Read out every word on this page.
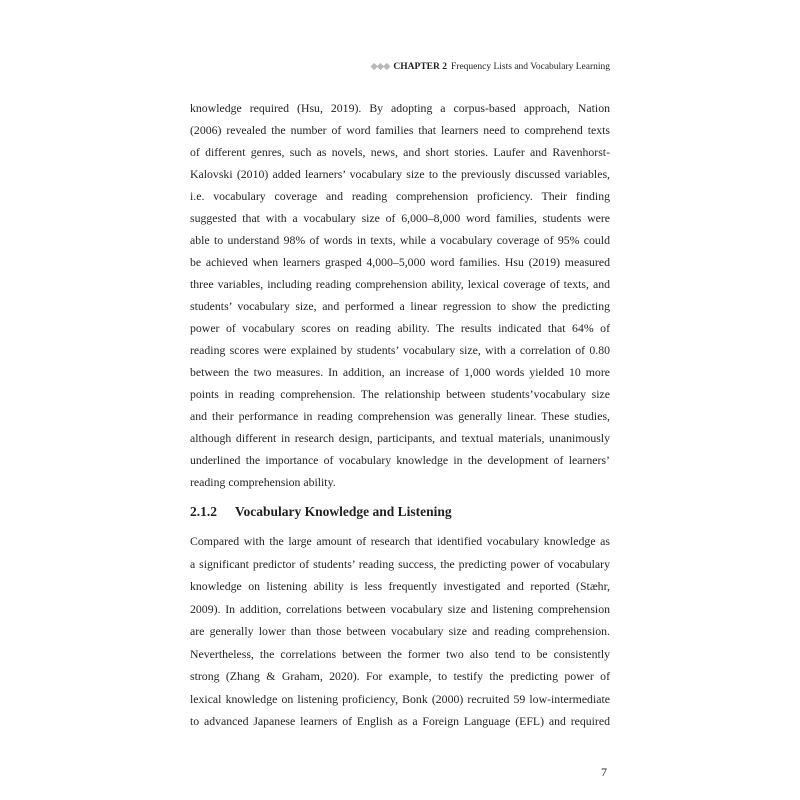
◆◆◆ CHAPTER 2 Frequency Lists and Vocabulary Learning
knowledge required (Hsu, 2019). By adopting a corpus-based approach, Nation
(2006) revealed the number of word families that learners need to comprehend texts
of different genres, such as novels, news, and short stories. Laufer and Ravenhorst-
Kalovski (2010) added learners’ vocabulary size to the previously discussed variables,
i.e. vocabulary coverage and reading comprehension proficiency. Their finding
suggested that with a vocabulary size of 6,000–8,000 word families, students were
able to understand 98% of words in texts, while a vocabulary coverage of 95% could
be achieved when learners grasped 4,000–5,000 word families. Hsu (2019) measured
three variables, including reading comprehension ability, lexical coverage of texts, and
students’ vocabulary size, and performed a linear regression to show the predicting
power of vocabulary scores on reading ability. The results indicated that 64% of
reading scores were explained by students’ vocabulary size, with a correlation of 0.80
between the two measures. In addition, an increase of 1,000 words yielded 10 more
points in reading comprehension. The relationship between students’vocabulary size
and their performance in reading comprehension was generally linear. These studies,
although different in research design, participants, and textual materials, unanimously
underlined the importance of vocabulary knowledge in the development of learners’
reading comprehension ability.
2.1.2 Vocabulary Knowledge and Listening
Compared with the large amount of research that identified vocabulary knowledge as
a significant predictor of students’ reading success, the predicting power of vocabulary
knowledge on listening ability is less frequently investigated and reported (Stæhr,
2009). In addition, correlations between vocabulary size and listening comprehension
are generally lower than those between vocabulary size and reading comprehension.
Nevertheless, the correlations between the former two also tend to be consistently
strong (Zhang & Graham, 2020). For example, to testify the predicting power of
lexical knowledge on listening proficiency, Bonk (2000) recruited 59 low-intermediate
to advanced Japanese learners of English as a Foreign Language (EFL) and required
7
